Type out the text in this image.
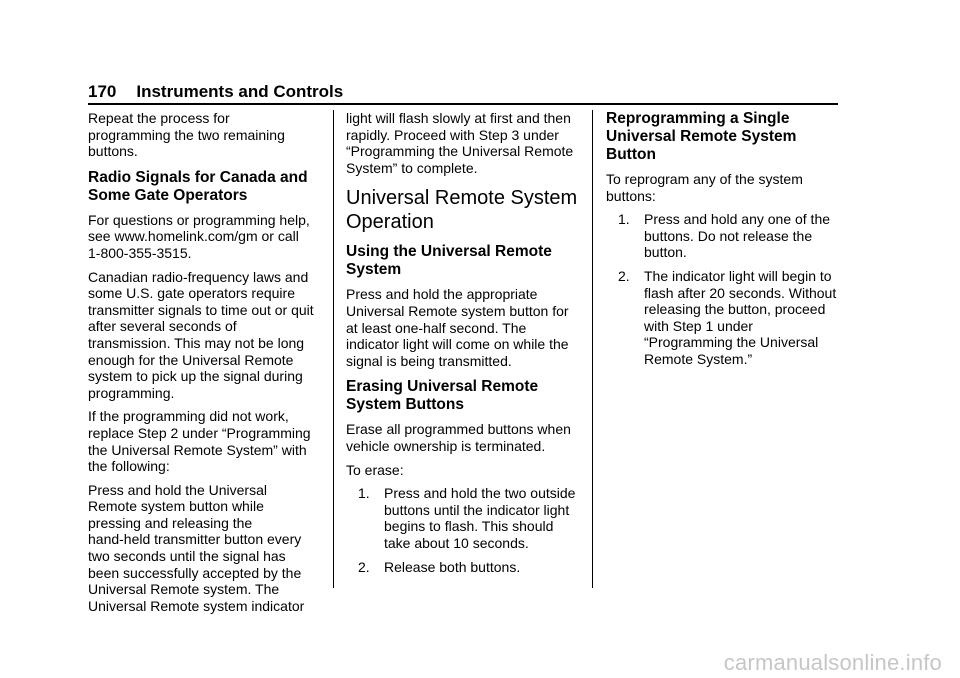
170 Instruments and Controls

Repeat the process for
programming the two remaining
buttons.

Radio Signals for Canada and
Some Gate Operators

For questions or programming help,
see www.homelink.com/gm or call
1-800-355-3515.

Canadian radio-frequency laws and
some U.S. gate operators require
transmitter signals to time out or quit
after several seconds of
transmission. This may not be long
enough for the Universal Remote
system to pick up the signal during
programming.

If the programming did not work,
replace Step 2 under “Programming
the Universal Remote System” with
the following:

Press and hold the Universal
Remote system button while
pressing and releasing the
hand-held transmitter button every
two seconds until the signal has
been successfully accepted by the
Universal Remote system. The
Universal Remote system indicator

light will flash slowly at first and then
rapidly. Proceed with Step 3 under
“Programming the Universal Remote
System” to complete.

Universal Remote System
Operation
Using the Universal Remote
System

Press and hold the appropriate
Universal Remote system button for
at least one-half second. The
indicator light will come on while the
signal is being transmitted.

Erasing Universal Remote
System Buttons

Erase all programmed buttons when
vehicle ownership is terminated.

To erase:

1. Press and hold the two outside
buttons until the indicator light
begins to flash. This should
take about 10 seconds.
2. Release both buttons.
Reprogramming a Single
Universal Remote System
Button

To reprogram any of the system
buttons:

1. Press and hold any one of the
buttons. Do not release the
button.
2. The indicator light will begin to
flash after 20 seconds. Without
releasing the button, proceed
with Step 1 under
“Programming the Universal
Remote System.”
carmanualsonline.info
